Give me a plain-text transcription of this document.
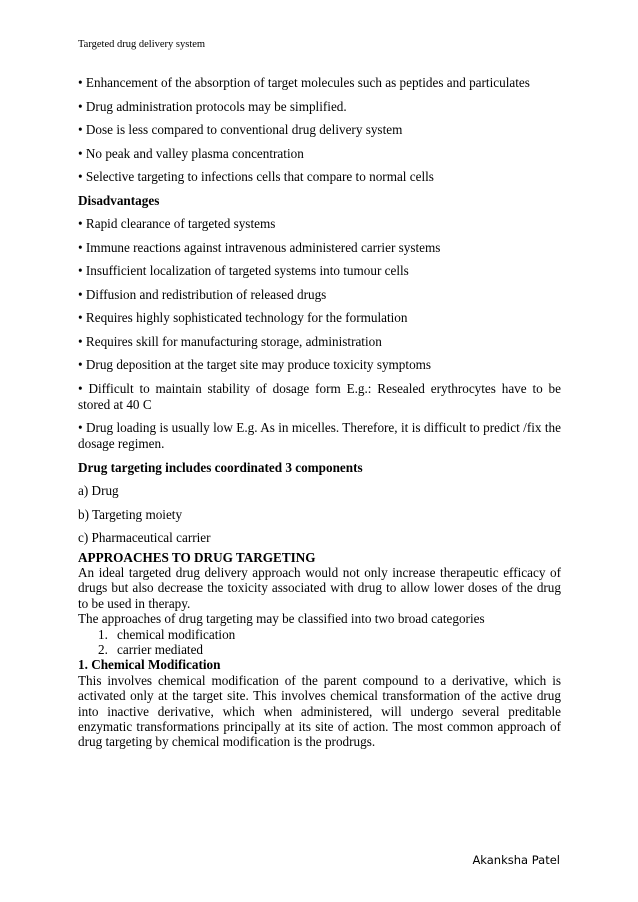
Targeted drug delivery system

• Enhancement of the absorption of target molecules such as peptides and particulates

• Drug administration protocols may be simplified.

• Dose is less compared to conventional drug delivery system

• No peak and valley plasma concentration

• Selective targeting to infections cells that compare to normal cells

Disadvantages

• Rapid clearance of targeted systems

• Immune reactions against intravenous administered carrier systems

• Insufficient localization of targeted systems into tumour cells

• Diffusion and redistribution of released drugs

• Requires highly sophisticated technology for the formulation

• Requires skill for manufacturing storage, administration

• Drug deposition at the target site may produce toxicity symptoms

• Difficult to maintain stability of dosage form E.g.: Resealed erythrocytes have to be stored at 40 C

• Drug loading is usually low E.g. As in micelles. Therefore, it is difficult to predict /fix the dosage regimen.

Drug targeting includes coordinated 3 components

a) Drug

b) Targeting moiety

c) Pharmaceutical carrier

APPROACHES TO DRUG TARGETING

An ideal targeted drug delivery approach would not only increase therapeutic efficacy of drugs but also decrease the toxicity associated with drug to allow lower doses of the drug to be used in therapy.

The approaches of drug targeting may be classified into two broad categories

1. chemical modification
2. carrier mediated

1. Chemical Modification

This involves chemical modification of the parent compound to a derivative, which is activated only at the target site. This involves chemical transformation of the active drug into inactive derivative, which when administered, will undergo several preditable enzymatic transformations principally at its site of action. The most common approach of drug targeting by chemical modification is the prodrugs.

Akanksha Patel
